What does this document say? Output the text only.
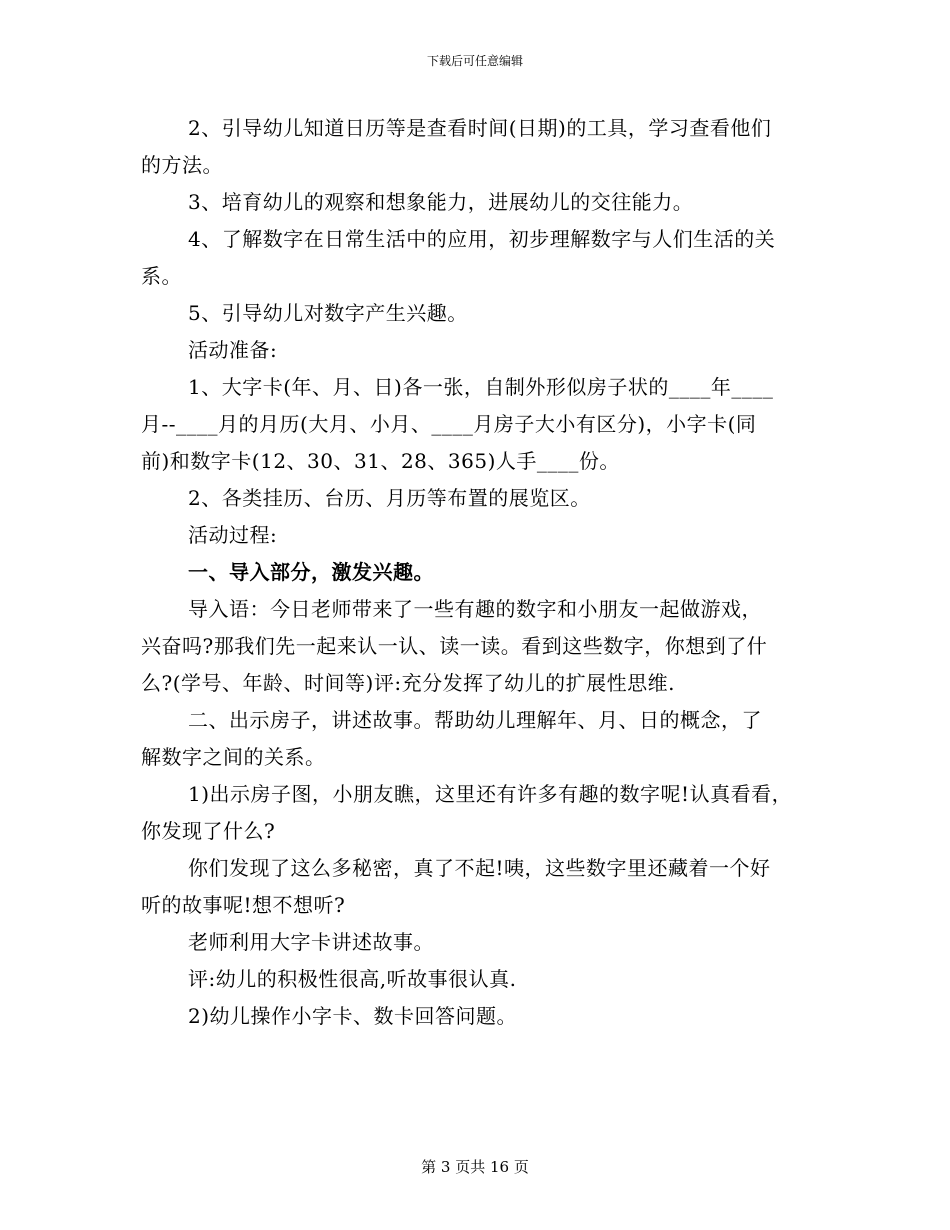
下载后可任意编辑
2、引导幼儿知道日历等是查看时间(日期)的工具，学习查看他们
的方法。
3、培育幼儿的观察和想象能力，进展幼儿的交往能力。
4、了解数字在日常生活中的应用，初步理解数字与人们生活的关
系。
5、引导幼儿对数字产生兴趣。
活动准备:
1、大字卡(年、月、日)各一张，自制外形似房子状的____年____
月--____月的月历(大月、小月、____月房子大小有区分)，小字卡(同
前)和数字卡(12、30、31、28、365)人手____份。
2、各类挂历、台历、月历等布置的展览区。
活动过程:
一、导入部分，激发兴趣。
导入语：今日老师带来了一些有趣的数字和小朋友一起做游戏，
兴奋吗?那我们先一起来认一认、读一读。看到这些数字，你想到了什
么?(学号、年龄、时间等)评:充分发挥了幼儿的扩展性思维.
二、出示房子，讲述故事。帮助幼儿理解年、月、日的概念，了
解数字之间的关系。
1)出示房子图，小朋友瞧，这里还有许多有趣的数字呢!认真看看，
你发现了什么?
你们发现了这么多秘密，真了不起!咦，这些数字里还藏着一个好
听的故事呢!想不想听?
老师利用大字卡讲述故事。
评:幼儿的积极性很高,听故事很认真.
2)幼儿操作小字卡、数卡回答问题。
第 3 页共 16 页
